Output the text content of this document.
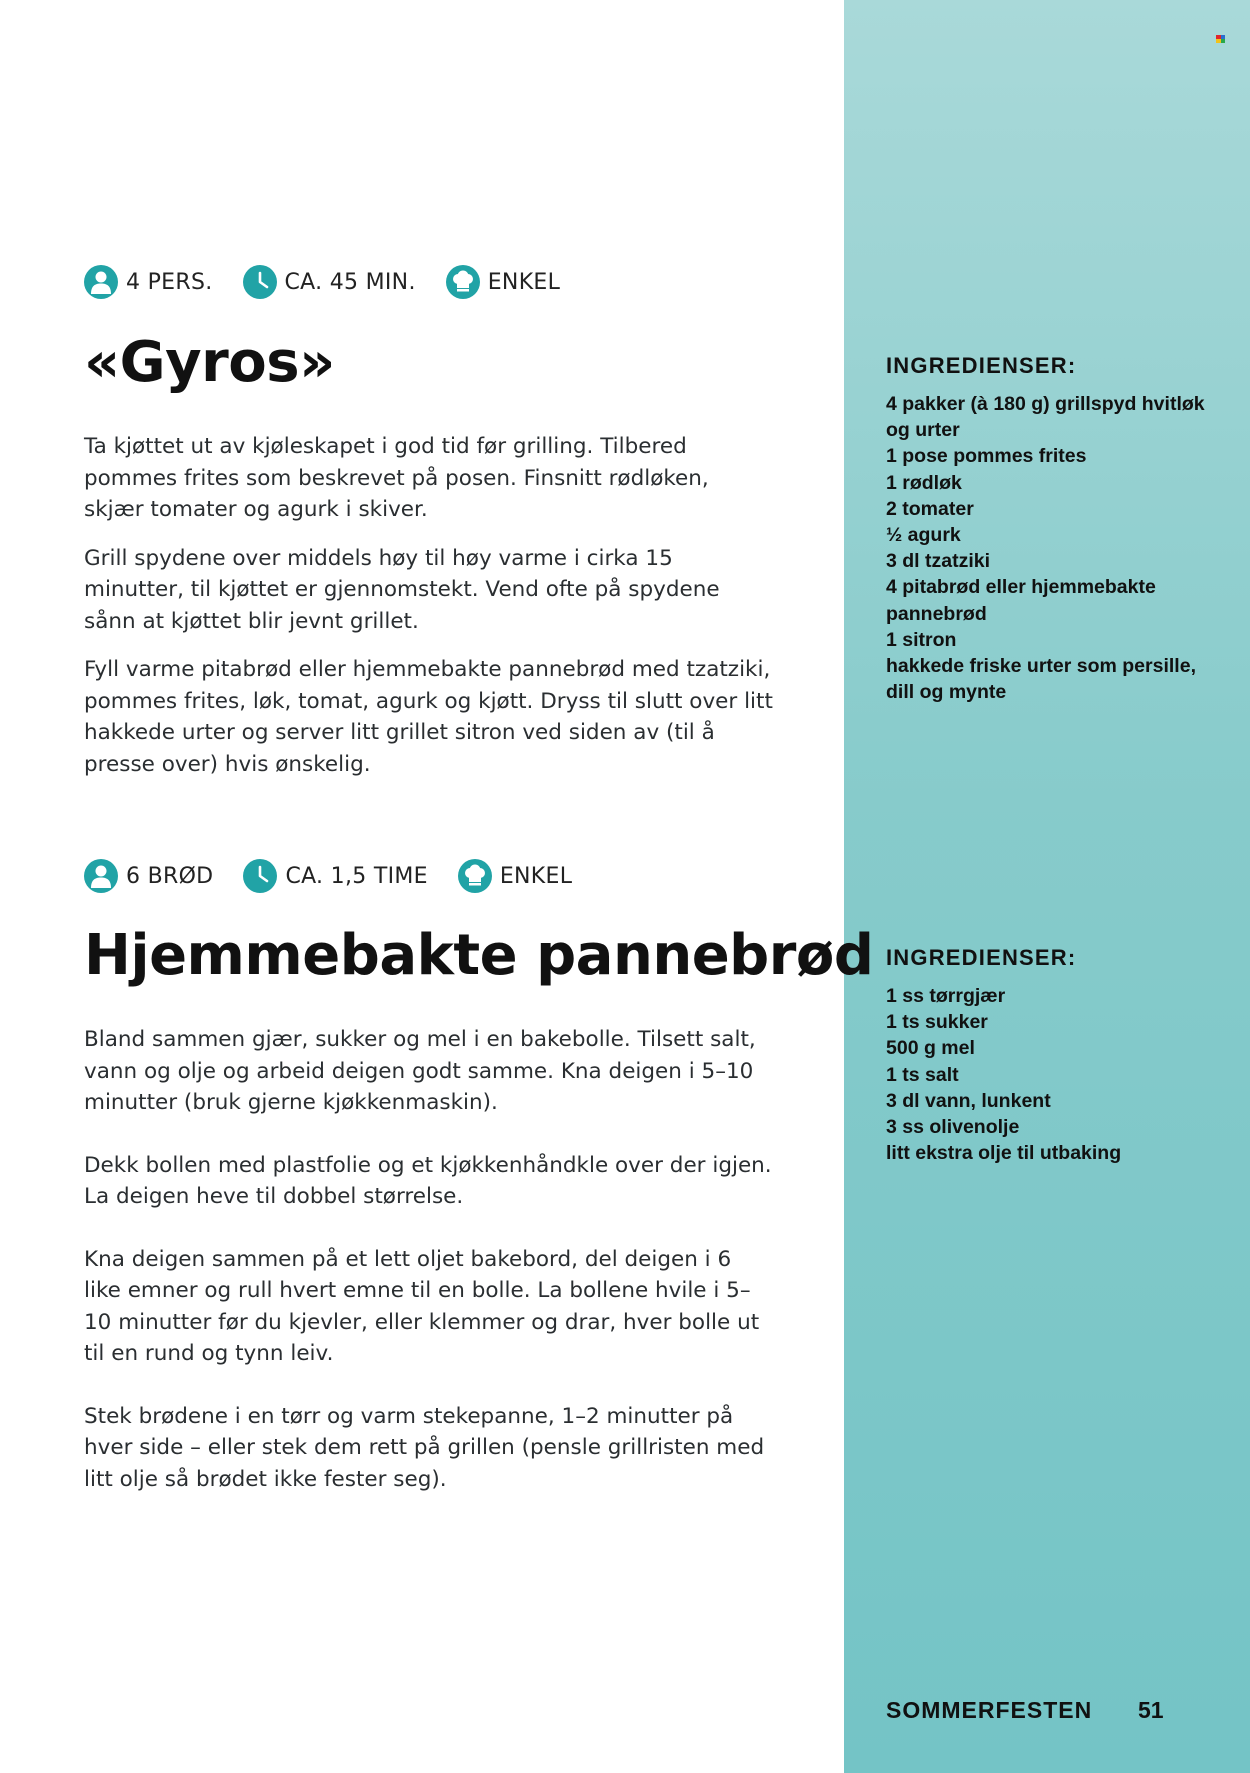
4 PERS.	CA. 45 MIN.	ENKEL
«Gyros»

Ta kjøttet ut av kjøleskapet i god tid før grilling. Tilbered pommes frites som beskrevet på posen. Finsnitt rødløken, skjær tomater og agurk i skiver.

Grill spydene over middels høy til høy varme i cirka 15 minutter, til kjøttet er gjennomstekt. Vend ofte på spydene sånn at kjøttet blir jevnt grillet.

Fyll varme pitabrød eller hjemmebakte pannebrød med tzatziki, pommes frites, løk, tomat, agurk og kjøtt. Dryss til slutt over litt hakkede urter og server litt grillet sitron ved siden av (til å presse over) hvis ønskelig.

INGREDIENSER:
4 pakker (à 180 g) grillspyd hvitløk og urter
1 pose pommes frites
1 rødløk
2 tomater
½ agurk
3 dl tzatziki
4 pitabrød eller hjemmebakte pannebrød
1 sitron
hakkede friske urter som persille, dill og mynte
6 BRØD	CA. 1,5 TIME	ENKEL
Hjemmebakte pannebrød

Bland sammen gjær, sukker og mel i en bakebolle. Tilsett salt, vann og olje og arbeid deigen godt samme. Kna deigen i 5–10 minutter (bruk gjerne kjøkkenmaskin).

Dekk bollen med plastfolie og et kjøkkenhåndkle over der igjen. La deigen heve til dobbel størrelse.

Kna deigen sammen på et lett oljet bakebord, del deigen i 6 like emner og rull hvert emne til en bolle. La bollene hvile i 5–10 minutter før du kjevler, eller klemmer og drar, hver bolle ut til en rund og tynn leiv.

Stek brødene i en tørr og varm stekepanne, 1–2 minutter på hver side – eller stek dem rett på grillen (pensle grillristen med litt olje så brødet ikke fester seg).

INGREDIENSER:
1 ss tørrgjær
1 ts sukker
500 g mel
1 ts salt
3 dl vann, lunkent
3 ss olivenolje
litt ekstra olje til utbaking
SOMMERFESTEN 51
